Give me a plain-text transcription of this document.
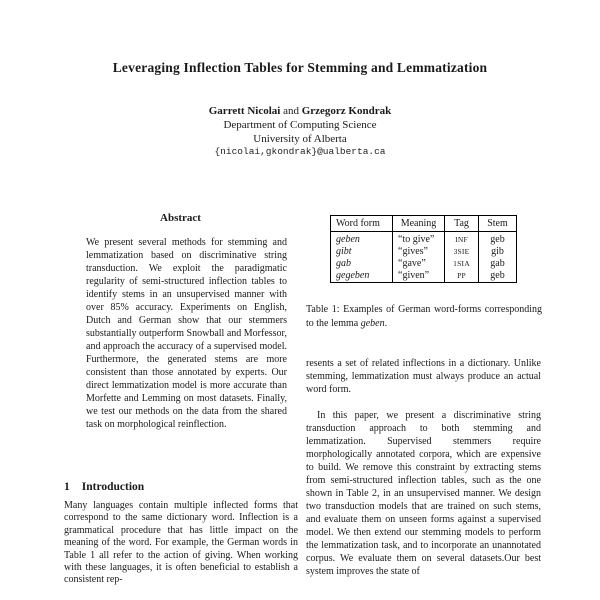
Leveraging Inflection Tables for Stemming and Lemmatization
Garrett Nicolai and Grzegorz Kondrak
Department of Computing Science
University of Alberta
{nicolai,gkondrak}@ualberta.ca
Abstract
We present several methods for stemming and lemmatization based on discriminative string transduction. We exploit the paradigmatic regularity of semi-structured inflection tables to identify stems in an unsupervised manner with over 85% accuracy. Experiments on English, Dutch and German show that our stemmers substantially outperform Snowball and Morfessor, and approach the accuracy of a supervised model. Furthermore, the generated stems are more consistent than those annotated by experts. Our direct lemmatization model is more accurate than Morfette and Lemming on most datasets. Finally, we test our methods on the data from the shared task on morphological reinflection.
1 Introduction
Many languages contain multiple inflected forms that correspond to the same dictionary word. Inflection is a grammatical procedure that has little impact on the meaning of the word. For example, the German words in Table 1 all refer to the action of giving. When working with these languages, it is often beneficial to establish a consistent rep-
Word form	Meaning	Tag	Stem
geben	“to give”	INF	geb
gibt	“gives”	3SIE	gib
gab	“gave”	1SIA	gab
gegeben	“given”	PP	geb
Table 1: Examples of German word-forms corresponding to the lemma geben.
resents a set of related inflections in a dictionary. Unlike stemming, lemmatization must always produce an actual word form.
In this paper, we present a discriminative string transduction approach to both stemming and lemmatization. Supervised stemmers require morphologically annotated corpora, which are expensive to build. We remove this constraint by extracting stems from semi-structured inflection tables, such as the one shown in Table 2, in an unsupervised manner. We design two transduction models that are trained on such stems, and evaluate them on unseen forms against a supervised model. We then extend our stemming models to perform the lemmatization task, and to incorporate an unannotated corpus. We evaluate them on several datasets.Our best system improves the state of
